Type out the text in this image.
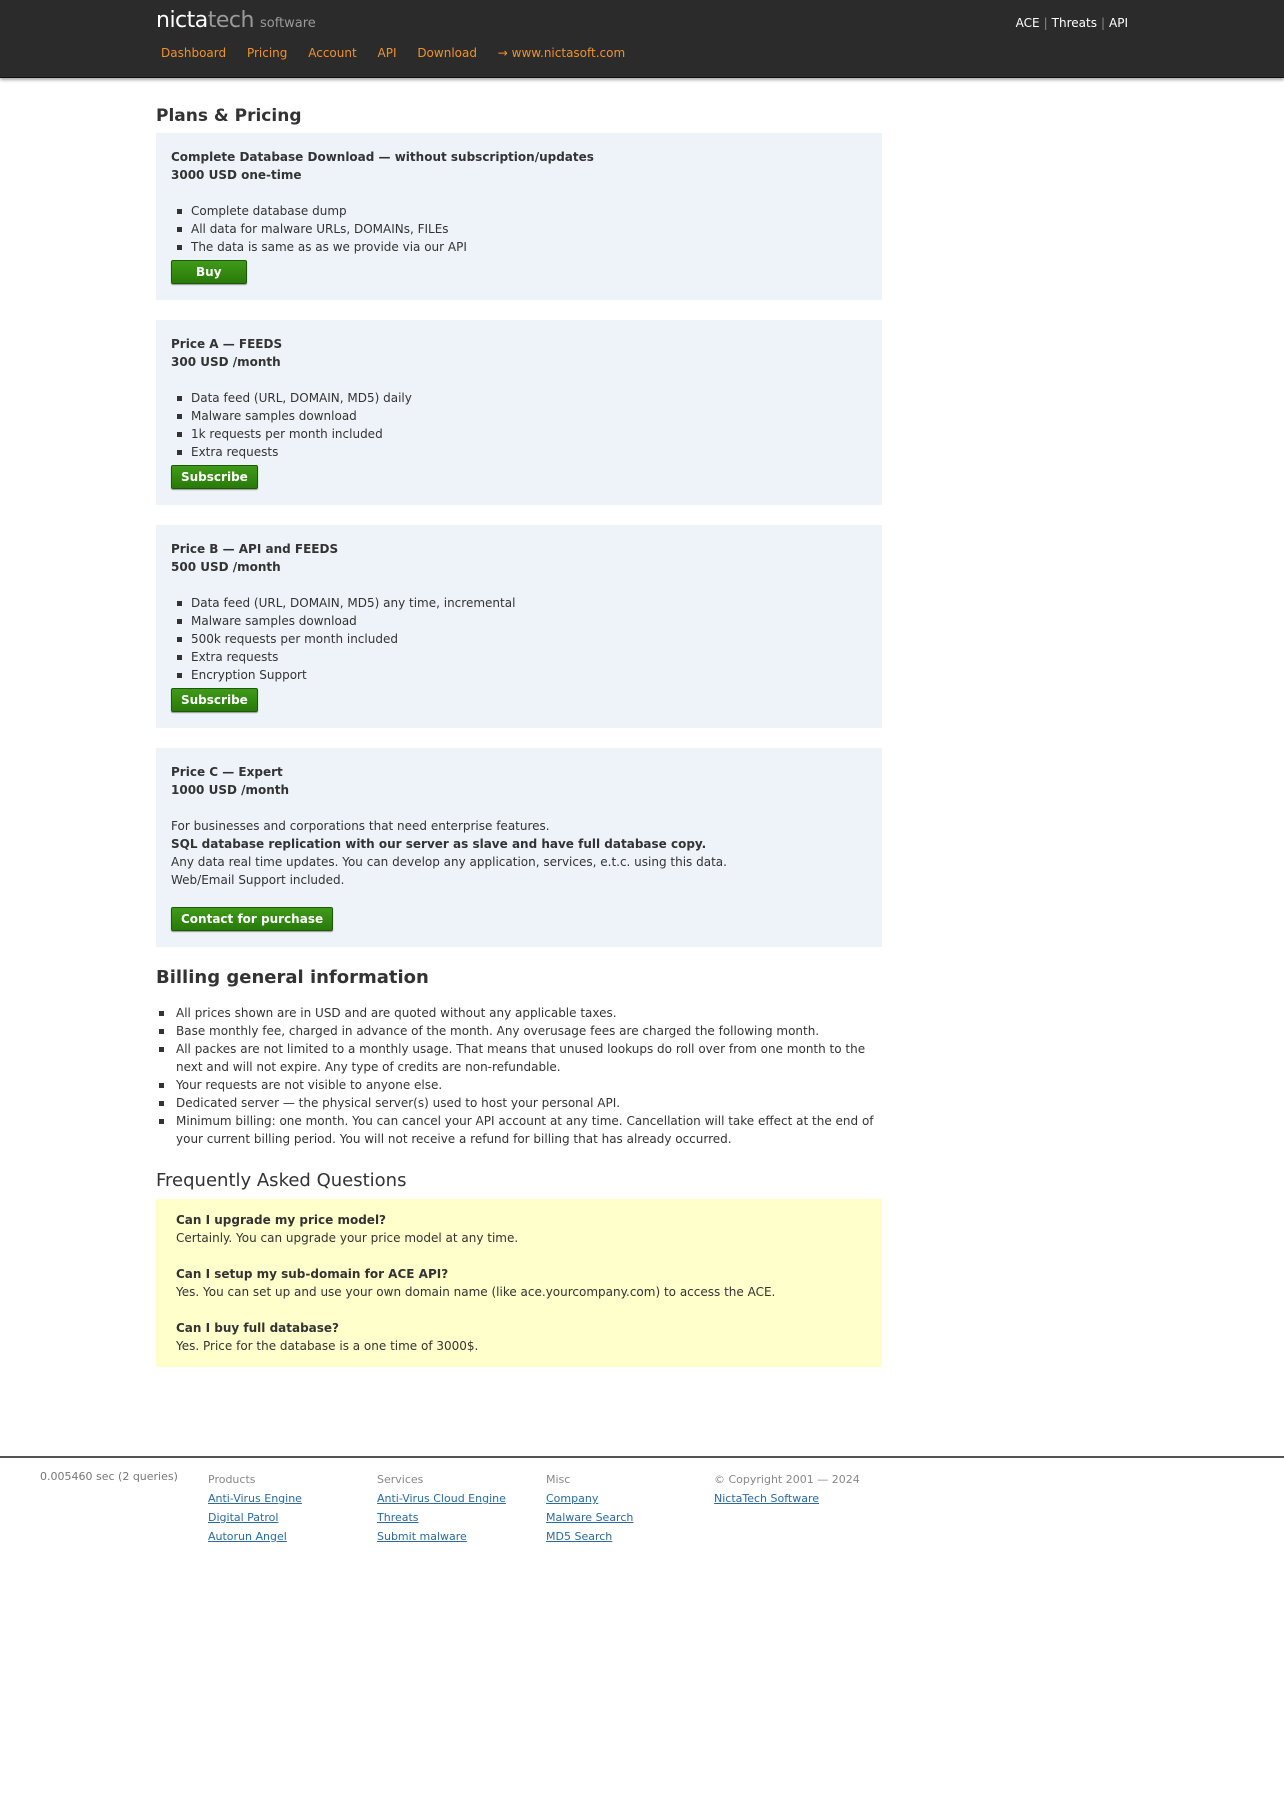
nictatech software
Dashboard Pricing Account API Download → www.nictasoft.com
ACE | Threats | API
Plans & Pricing
Complete Database Download — without subscription/updates
3000 USD one-time
Complete database dump
All data for malware URLs, DOMAINs, FILEs
The data is same as as we provide via our API
Buy
Price A — FEEDS
300 USD /month
Data feed (URL, DOMAIN, MD5) daily
Malware samples download
1k requests per month included
Extra requests
Subscribe
Price B — API and FEEDS
500 USD /month
Data feed (URL, DOMAIN, MD5) any time, incremental
Malware samples download
500k requests per month included
Extra requests
Encryption Support
Subscribe
Price C — Expert
1000 USD /month

For businesses and corporations that need enterprise features.

SQL database replication with our server as slave and have full database copy.

Any data real time updates. You can develop any application, services, e.t.c. using this data.

Web/Email Support included.

Contact for purchase
Billing general information
All prices shown are in USD and are quoted without any applicable taxes.
Base monthly fee, charged in advance of the month. Any overusage fees are charged the following month.
All packes are not limited to a monthly usage. That means that unused lookups do roll over from one month to the next and will not expire. Any type of credits are non-refundable.
Your requests are not visible to anyone else.
Dedicated server — the physical server(s) used to host your personal API.
Minimum billing: one month. You can cancel your API account at any time. Cancellation will take effect at the end of your current billing period. You will not receive a refund for billing that has already occurred.
Frequently Asked Questions
Can I upgrade my price model?
Certainly. You can upgrade your price model at any time.
Can I setup my sub-domain for ACE API?
Yes. You can set up and use your own domain name (like ace.yourcompany.com) to access the ACE.
Can I buy full database?
Yes. Price for the database is a one time of 3000$.
0.005460 sec (2 queries)	Products
Anti-Virus Engine
Digital Patrol
Autorun Angel
Services
Anti-Virus Cloud Engine
Threats
Submit malware
Misc
Company
Malware Search
MD5 Search
© Copyright 2001 — 2024
NictaTech Software
